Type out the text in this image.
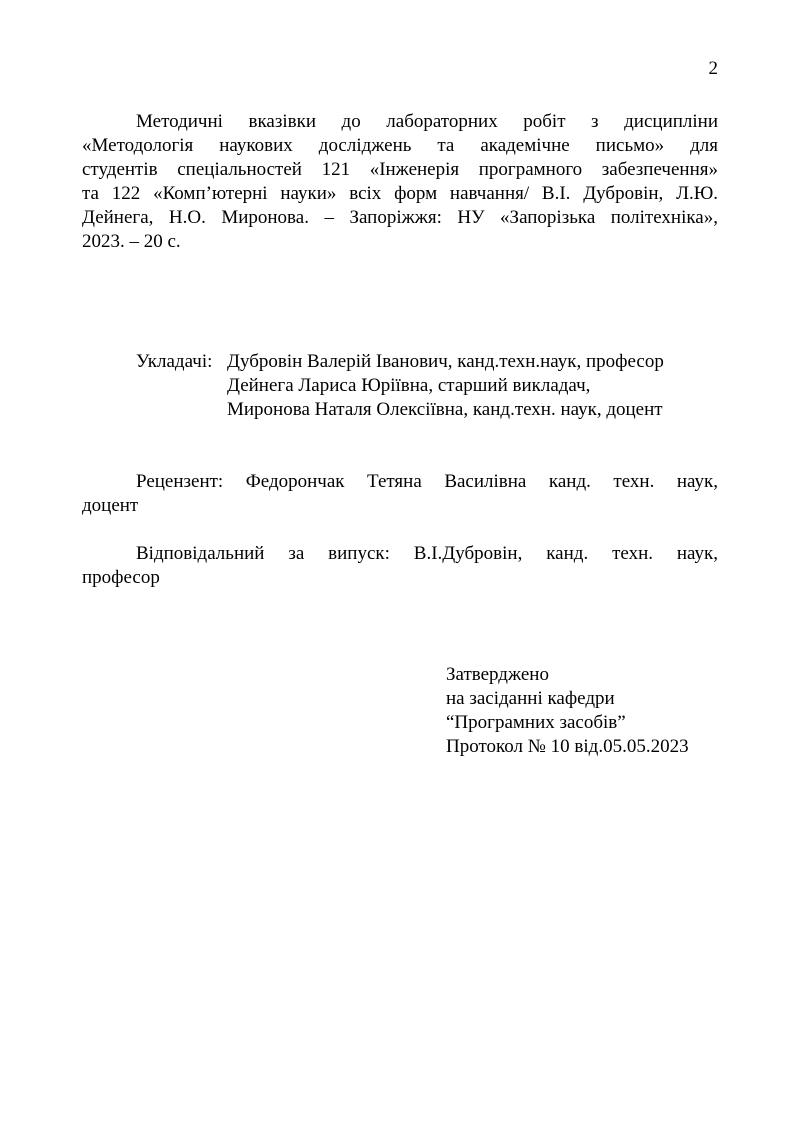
2
Методичні вказівки до лабораторних робіт з дисципліни
«Методологія наукових досліджень та академічне письмо» для
студентів спеціальностей 121 «Інженерія програмного забезпечення»
та 122 «Комп’ютерні науки» всіх форм навчання/ В.І. Дубровін, Л.Ю.
Дейнега, Н.О. Миронова. – Запоріжжя: НУ «Запорізька політехніка»,
2023. – 20 с.
Укладачі: Дубровін Валерій Іванович, канд.техн.наук, професор
Дейнега Лариса Юріївна, старший викладач,
Миронова Наталя Олексіївна, канд.техн. наук, доцент
Рецензент: Федорончак Тетяна Василівна канд. техн. наук,
доцент
Відповідальний за випуск: В.І.Дубровін, канд. техн. наук,
професор
Затверджено
на засіданні кафедри
“Програмних засобів”
Протокол № 10 від.05.05.2023
